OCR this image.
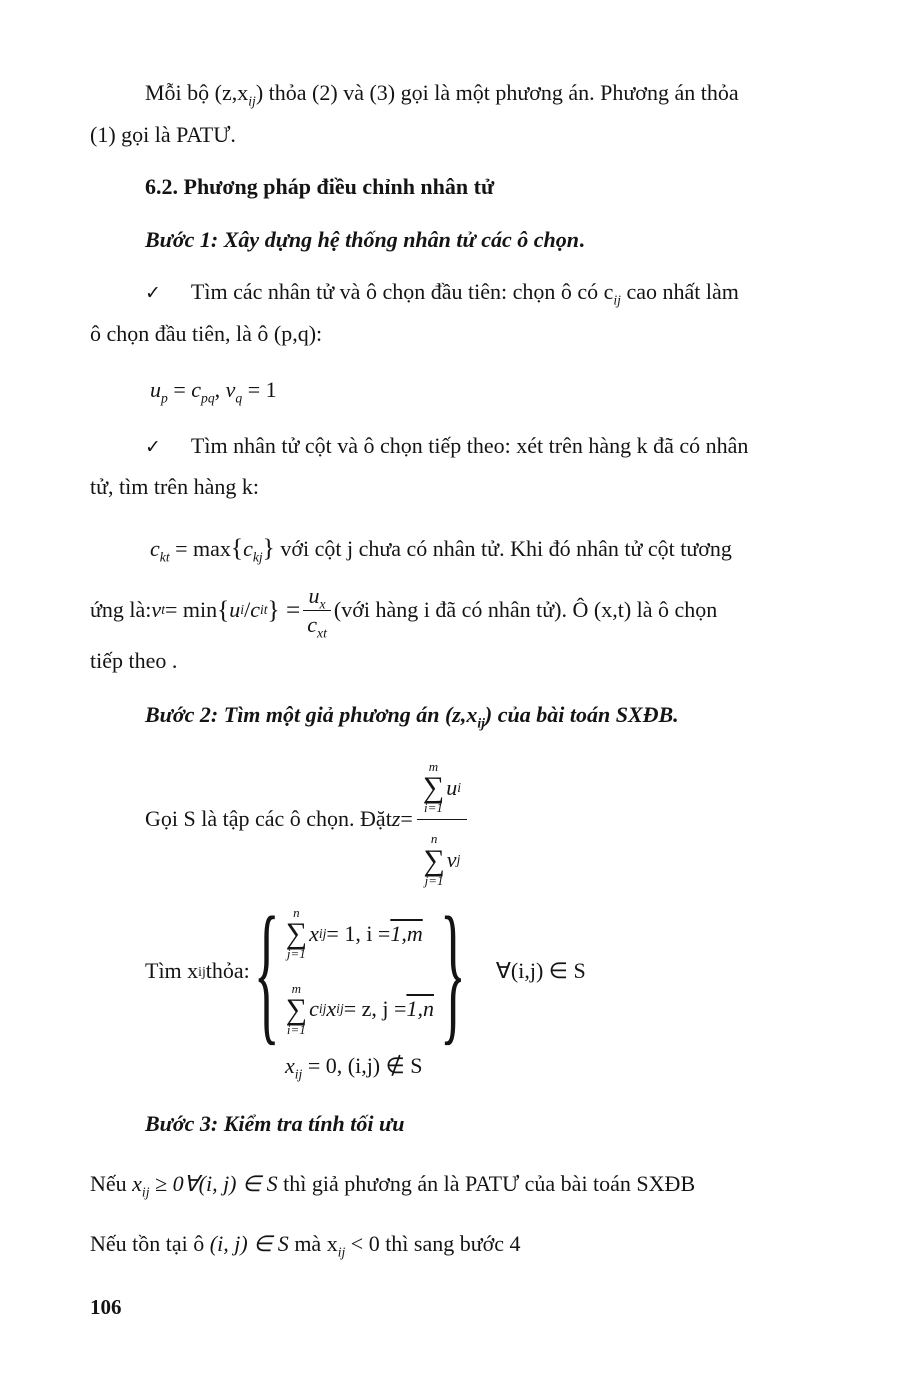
Mỗi bộ $(z,x_{ij})$ thỏa (2) và (3) gọi là một phương án. Phương án thỏa
(1) gọi là PATƯ.
6.2. Phương pháp điều chỉnh nhân tử
Bước 1: Xây dựng hệ thống nhân tử các ô chọn.
✓ Tìm các nhân tử và ô chọn đầu tiên: chọn ô có $c_{ij}$ cao nhất làm
ô chọn đầu tiên, là ô (p,q):
$u_p = c_{pq}$, $v_q = 1$
✓ Tìm nhân tử cột và ô chọn tiếp theo: xét trên hàng k đã có nhân
tử, tìm trên hàng k:
$c_{kt} = \max\{c_{kj}\}$ với cột j chưa có nhân tử. Khi đó nhân tử cột tương
ứng là: v t = min { u i / c it } = $\frac{u_x}{c_{xt}}$ (với hàng i đã có nhân tử). Ô (x,t) là ô chọn
tiếp theo .
Bước 2: Tìm một giả phương án $(z,x_{ij})$ của bài toán SXĐB.
Gọi S là tập các ô chọn. Đặt z = m
∑
i=1
u i
n
∑
j=1
v j
Tìm x ij thỏa: {	n
∑
j=1
x ij = 1, i = 1,m
m
∑
i=1
c ij x ij = z, j = 1,n } ∀(i,j) ∈ S
$x_{ij} = 0$, (i,j) ∉ S
Bước 3: Kiểm tra tính tối ưu
Nếu $x_{ij}$ ≥ 0∀(i, j) ∈ S thì giả phương án là PATƯ của bài toán SXĐB
Nếu tồn tại ô (i, j) ∈ S mà $x_{ij} < 0$ thì sang bước 4
106
